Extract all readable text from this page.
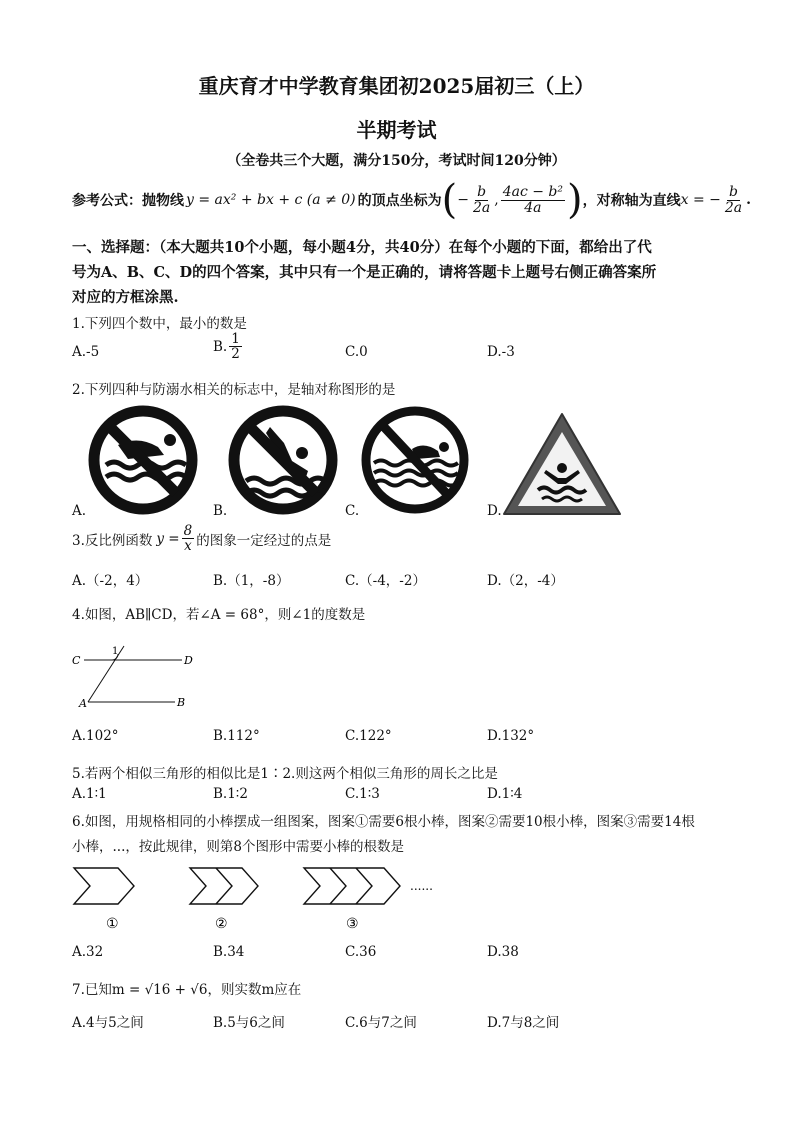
重庆育才中学教育集团初2025届初三（上）
半期考试
（全卷共三个大题，满分150分，考试时间120分钟）
参考公式：抛物线 y = ax² + bx + c (a ≠ 0) 的顶点坐标为 ( − $\frac{b}{2a}$ , $\frac{\text{4ac − b²}}{4a}$ ) ，对称轴为直线 x = − $\frac{b}{2a}$ .
一、选择题：（本大题共10个小题，每小题4分，共40分）在每个小题的下面，都给出了代
号为A、B、C、D的四个答案，其中只有一个是正确的，请将答题卡上题号右侧正确答案所
对应的方框涂黑.
1.下列四个数中，最小的数是
A.-5	B. $\frac{1}{2}$	C.0	D.-3
2.下列四种与防溺水相关的标志中，是轴对称图形的是
A.	B.	C.	D.
3.反比例函数 $y = \frac{8}{x}$ 的图象一定经过的点是
A.（-2，4）	B.（1，-8）	C.（-4，-2）	D.（2，-4）
4.如图，AB∥CD，若∠A = 68°，则∠1的度数是
C	D
A	B
1
A.102°	B.112°	C.122°	D.132°
5.若两个相似三角形的相似比是1∶2.则这两个相似三角形的周长之比是
A.1∶1	B.1∶2	C.1∶3	D.1∶4
6.如图，用规格相同的小棒摆成一组图案，图案①需要6根小棒，图案②需要10根小棒，图案③需要14根
小棒，...，按此规律，则第8个图形中需要小棒的根数是
......
①	②	③
A.32	B.34	C.36	D.38
7.已知m = √16 + √6，则实数m应在
A.4与5之间	B.5与6之间	C.6与7之间	D.7与8之间
